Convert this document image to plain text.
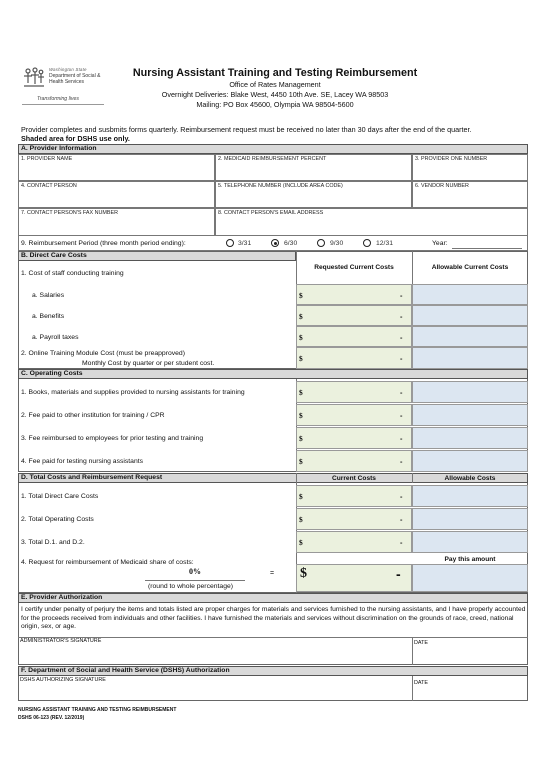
Washington State
Department of Social & Health Services
Transforming lives
Nursing Assistant Training and Testing Reimbursement
Office of Rates Management
Overnight Deliveries: Blake West, 4450 10th Ave. SE, Lacey WA 98503
Mailing: PO Box 45600, Olympia WA 98504-5600
Provider completes and susbmits forms quarterly. Reimbursement request must be received no later than 30 days after the end of the quarter.
Shaded area for DSHS use only.
A. Provider Information
1. PROVIDER NAME	2. MEDICAID REIMBURSEMENT PERCENT	3. PROVIDER ONE NUMBER
4. CONTACT PERSON	5. TELEPHONE NUMBER (INCLUDE AREA CODE)	6. VENDOR NUMBER
7. CONTACT PERSON'S FAX NUMBER	8. CONTACT PERSON'S EMAIL ADDRESS
9. Reimbursement Period (three month period ending):	3/31	6/30	9/30	12/31	Year:
B. Direct Care Costs
Requested Current Costs	Allowable Current Costs
1. Cost of staff conducting training
a. Salaries	$	-
a. Benefits	$	-
a. Payroll taxes	$	-
2. Online Training Module Cost (must be preapproved)
Monthly Cost by quarter or per student cost.
$	-
C. Operating Costs
1. Books, materials and supplies provided to nursing assistants for training	$	-
2. Fee paid to other institution for training / CPR	$	-
3. Fee reimbursed to employees for prior testing and training	$	-
4. Fee paid for testing nursing assistants	$	-
D. Total Costs and Reimbursement Request	Current Costs	Allowable Costs
1. Total Direct Care Costs	$	-
2. Total Operating Costs	$	-
3. Total D.1. and D.2.	$	-
4. Request for reimbursement of Medicaid share of costs:	Pay this amount
0%	= $	-
(round to whole percentage)
E. Provider Authorization
I certify under penalty of perjury the items and totals listed are proper charges for materials and services furnished to the nursing assistants, and I have properly accounted for the proceeds received from individuals and other facilities. I have furnished the materials and services without discrimination on the grounds of race, creed, national origin, sex, or age.
ADMINISTRATOR'S SIGNATURE	DATE
F. Department of Social and Health Service (DSHS) Authorization
DSHS AUTHORIZING SIGNATURE	DATE
NURSING ASSISTANT TRAINING AND TESTING REIMBURSEMENT
DSHS 06-123 (REV. 12/2019)
